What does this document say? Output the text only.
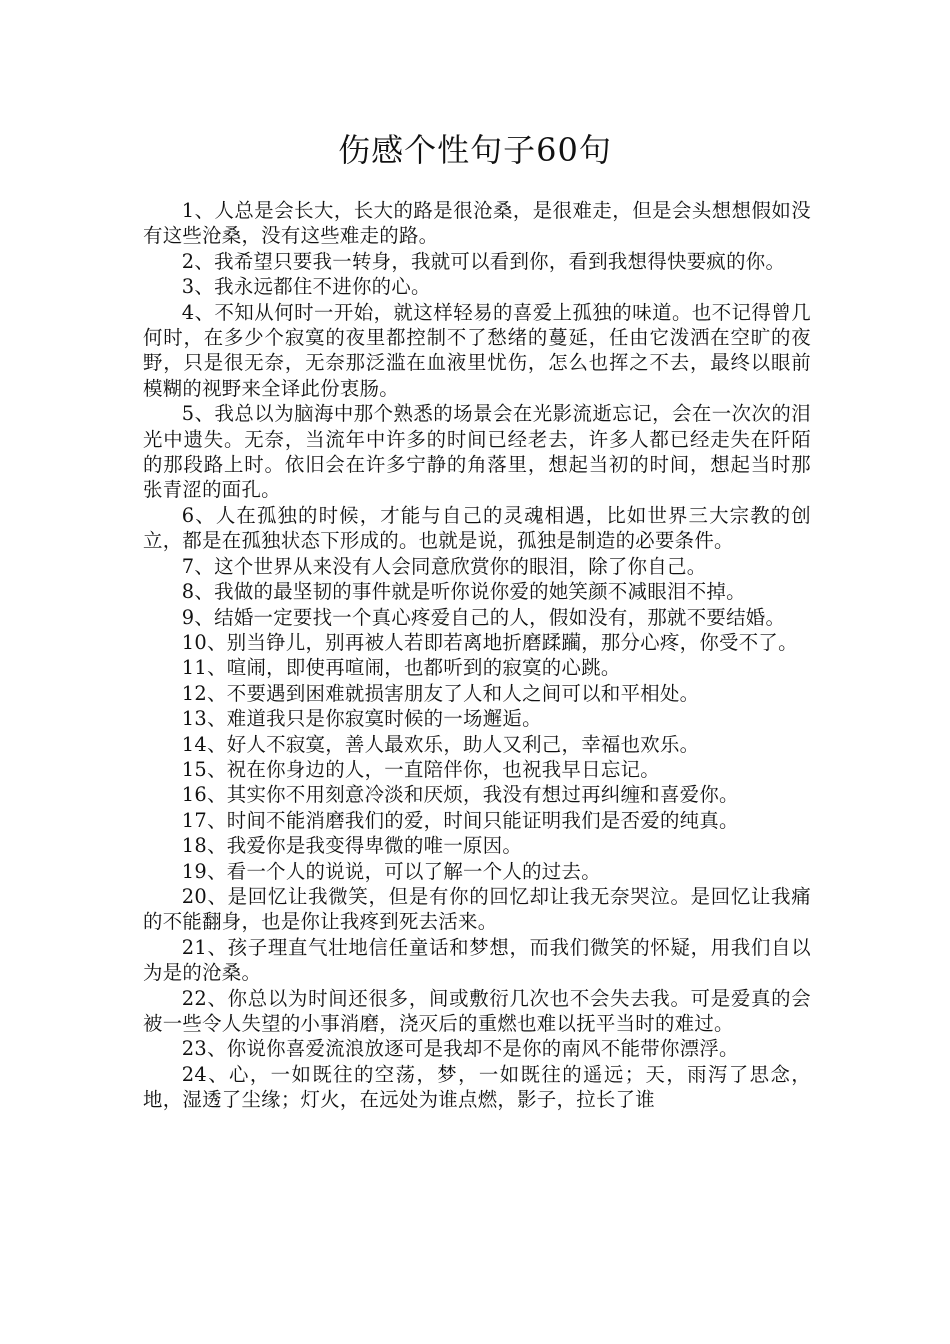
伤感个性句子60句

1、人总是会长大，长大的路是很沧桑，是很难走，但是会头想想假如没有这些沧桑，没有这些难走的路。

2、我希望只要我一转身，我就可以看到你，看到我想得快要疯的你。

3、我永远都住不进你的心。

4、不知从何时一开始，就这样轻易的喜爱上孤独的味道。也不记得曾几何时，在多少个寂寞的夜里都控制不了愁绪的蔓延，任由它泼洒在空旷的夜野，只是很无奈，无奈那泛滥在血液里忧伤，怎么也挥之不去，最终以眼前模糊的视野来全译此份衷肠。

5、我总以为脑海中那个熟悉的场景会在光影流逝忘记，会在一次次的泪光中遗失。无奈，当流年中许多的时间已经老去，许多人都已经走失在阡陌的那段路上时。依旧会在许多宁静的角落里，想起当初的时间，想起当时那张青涩的面孔。

6、人在孤独的时候，才能与自己的灵魂相遇，比如世界三大宗教的创立，都是在孤独状态下形成的。也就是说，孤独是制造的必要条件。

7、这个世界从来没有人会同意欣赏你的眼泪，除了你自己。

8、我做的最坚韧的事件就是听你说你爱的她笑颜不减眼泪不掉。

9、结婚一定要找一个真心疼爱自己的人，假如没有，那就不要结婚。

10、别当铮儿，别再被人若即若离地折磨蹂躏，那分心疼，你受不了。

11、喧闹，即使再喧闹，也都听到的寂寞的心跳。

12、不要遇到困难就损害朋友了人和人之间可以和平相处。

13、难道我只是你寂寞时候的一场邂逅。

14、好人不寂寞，善人最欢乐，助人又利己，幸福也欢乐。

15、祝在你身边的人，一直陪伴你，也祝我早日忘记。

16、其实你不用刻意冷淡和厌烦，我没有想过再纠缠和喜爱你。

17、时间不能消磨我们的爱，时间只能证明我们是否爱的纯真。

18、我爱你是我变得卑微的唯一原因。

19、看一个人的说说，可以了解一个人的过去。

20、是回忆让我微笑，但是有你的回忆却让我无奈哭泣。是回忆让我痛的不能翻身，也是你让我疼到死去活来。

21、孩子理直气壮地信任童话和梦想，而我们微笑的怀疑，用我们自以为是的沧桑。

22、你总以为时间还很多，间或敷衍几次也不会失去我。可是爱真的会被一些令人失望的小事消磨，浇灭后的重燃也难以抚平当时的难过。

23、你说你喜爱流浪放逐可是我却不是你的南风不能带你漂浮。

24、心，一如既往的空荡，梦，一如既往的遥远；天，雨泻了思念，地，湿透了尘缘；灯火，在远处为谁点燃，影子，拉长了谁
